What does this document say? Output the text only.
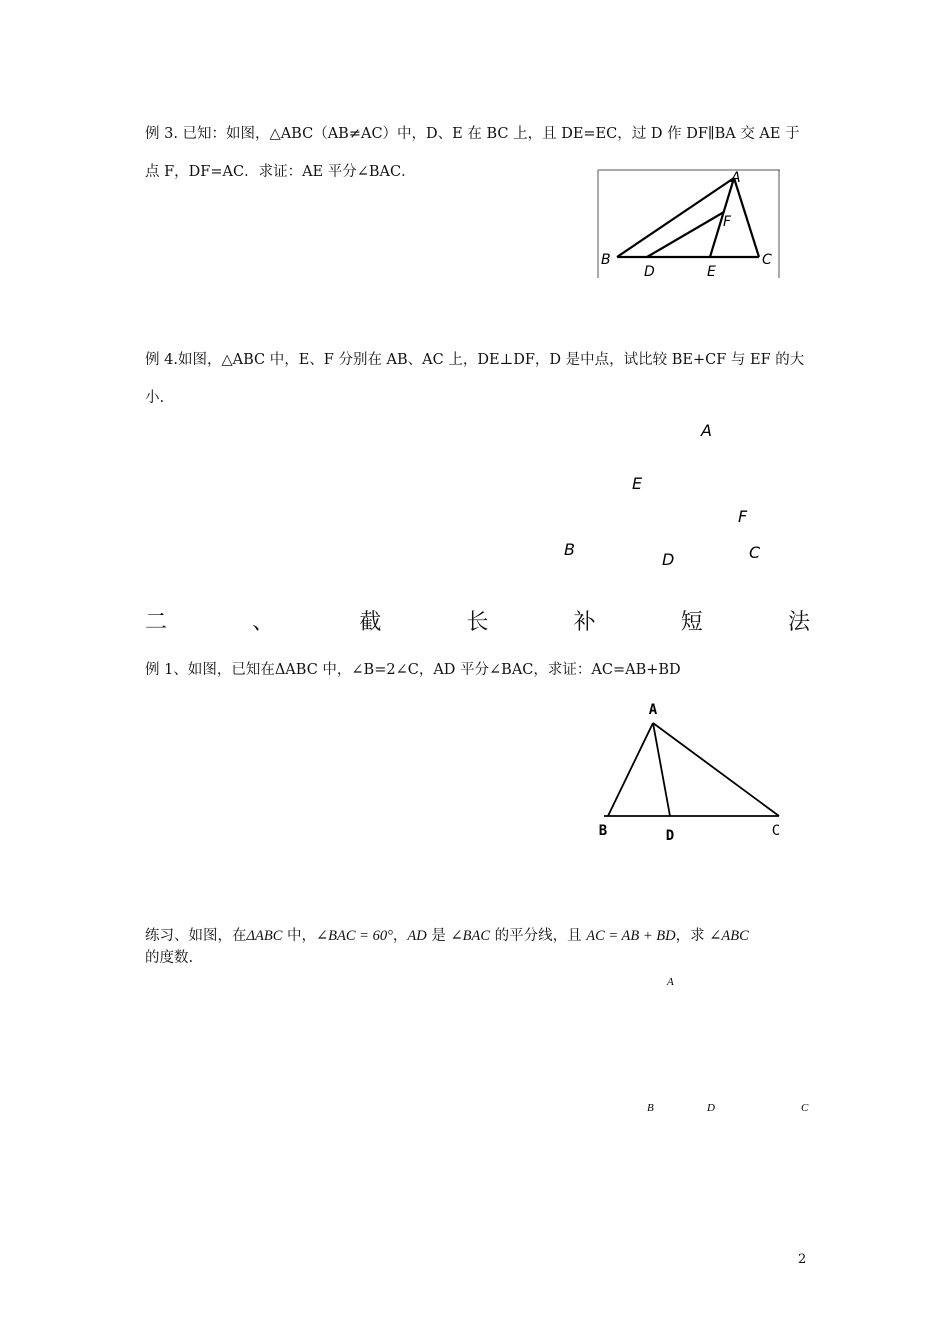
例 3. 已知：如图，△ABC（AB≠AC）中，D、E 在 BC 上，且 DE=EC，过 D 作 DF∥BA 交 AE 于
点 F，DF=AC．求证：AE 平分∠BAC．	A
F
B
D	E
C
例 4.如图，△ABC 中，E、F 分别在 AB、AC 上，DE⊥DF，D 是中点，试比较 BE+CF 与 EF 的大
小.
A
E
F
B
D	C
二	、	截	长	补	短	法
例 1、如图，已知在ΔABC 中，∠B=2∠C，AD 平分∠BAC，求证：AC=AB+BD
A
B	D	C
练习、如图，在ΔABC 中，∠BAC = 60°，AD 是 ∠BAC 的平分线，且 AC = AB + BD，求 ∠ABC
的度数.
A
B	D	C
2
